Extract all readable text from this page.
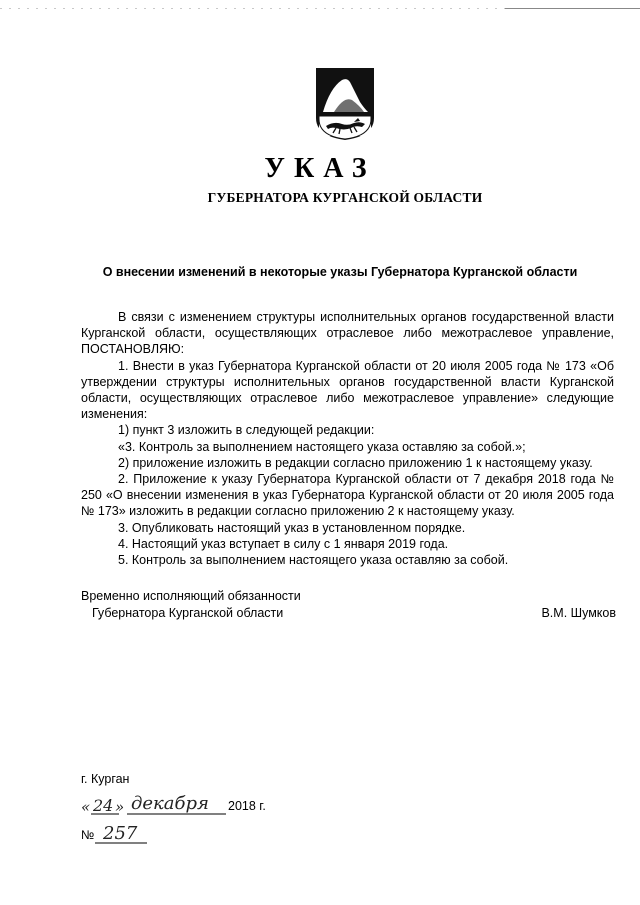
УКАЗ
ГУБЕРНАТОРА КУРГАНСКОЙ ОБЛАСТИ
О внесении изменений в некоторые указы Губернатора Курганской области

В связи с изменением структуры исполнительных органов государственной власти Курганской области, осуществляющих отраслевое либо межотраслевое управление, ПОСТАНОВЛЯЮ:

1. Внести в указ Губернатора Курганской области от 20 июля 2005 года № 173 «Об утверждении структуры исполнительных органов государственной власти Курганской области, осуществляющих отраслевое либо межотраслевое управление» следующие изменения:

1) пункт 3 изложить в следующей редакции:

«3. Контроль за выполнением настоящего указа оставляю за собой.»;

2) приложение изложить в редакции согласно приложению 1 к настоящему указу.

2. Приложение к указу Губернатора Курганской области от 7 декабря 2018 года № 250 «О внесении изменения в указ Губернатора Курганской области от 20 июля 2005 года № 173» изложить в редакции согласно приложению 2 к настоящему указу.

3. Опубликовать настоящий указ в установленном порядке.

4. Настоящий указ вступает в силу с 1 января 2019 года.

5. Контроль за выполнением настоящего указа оставляю за собой.

Временно исполняющий обязанности
Губернатора Курганской области	В.М. Шумков
г. Курган
« 24 » декабря 2018 г.
№ 257
